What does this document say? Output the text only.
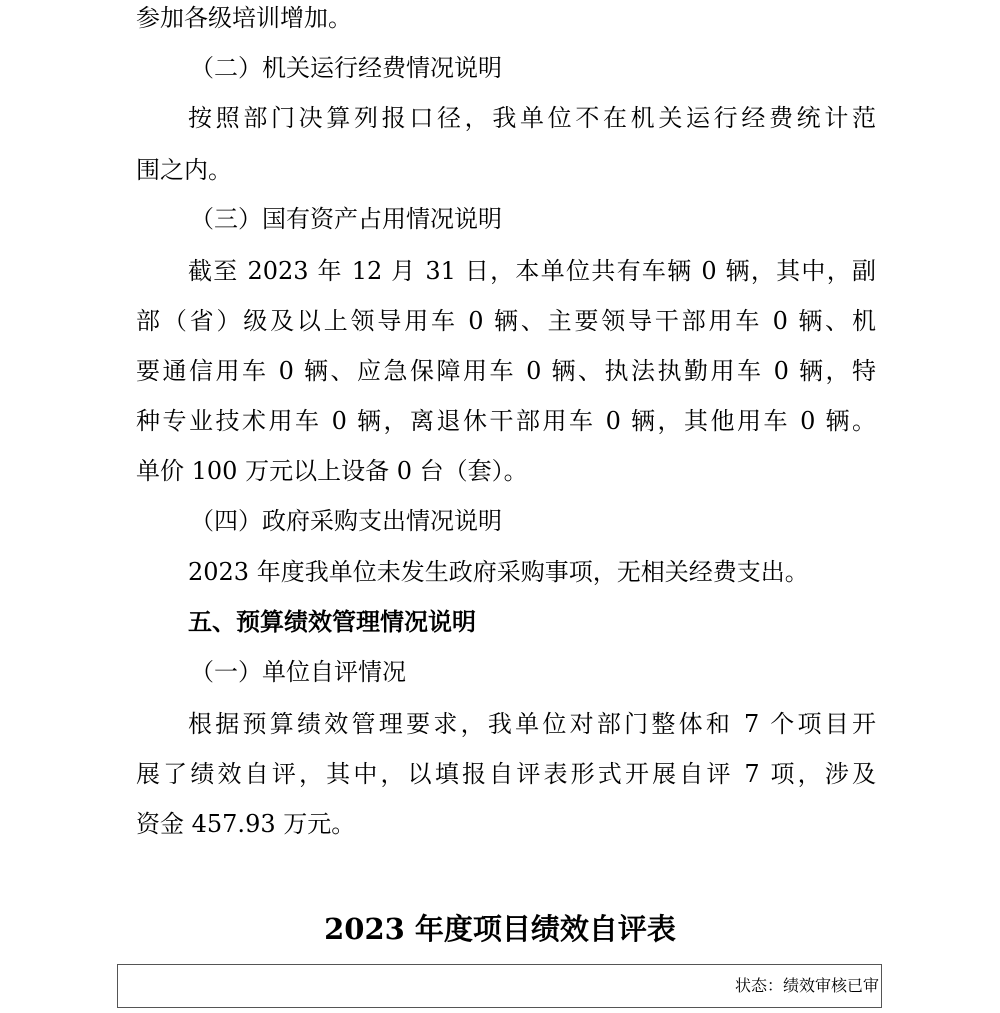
参加各级培训增加。

（二）机关运行经费情况说明

按照部门决算列报口径，我单位不在机关运行经费统计范

围之内。

（三）国有资产占用情况说明

截至 2023 年 12 月 31 日，本单位共有车辆 0 辆，其中，副

部（省）级及以上领导用车 0 辆、主要领导干部用车 0 辆、机

要通信用车 0 辆、应急保障用车 0 辆、执法执勤用车 0 辆，特

种专业技术用车 0 辆，离退休干部用车 0 辆，其他用车 0 辆。

单价 100 万元以上设备 0 台（套）。

（四）政府采购支出情况说明

2023 年度我单位未发生政府采购事项，无相关经费支出。

五、预算绩效管理情况说明

（一）单位自评情况

根据预算绩效管理要求，我单位对部门整体和 7 个项目开

展了绩效自评，其中，以填报自评表形式开展自评 7 项，涉及

资金 457.93 万元。

2023 年度项目绩效自评表
状态：绩效审核已审
